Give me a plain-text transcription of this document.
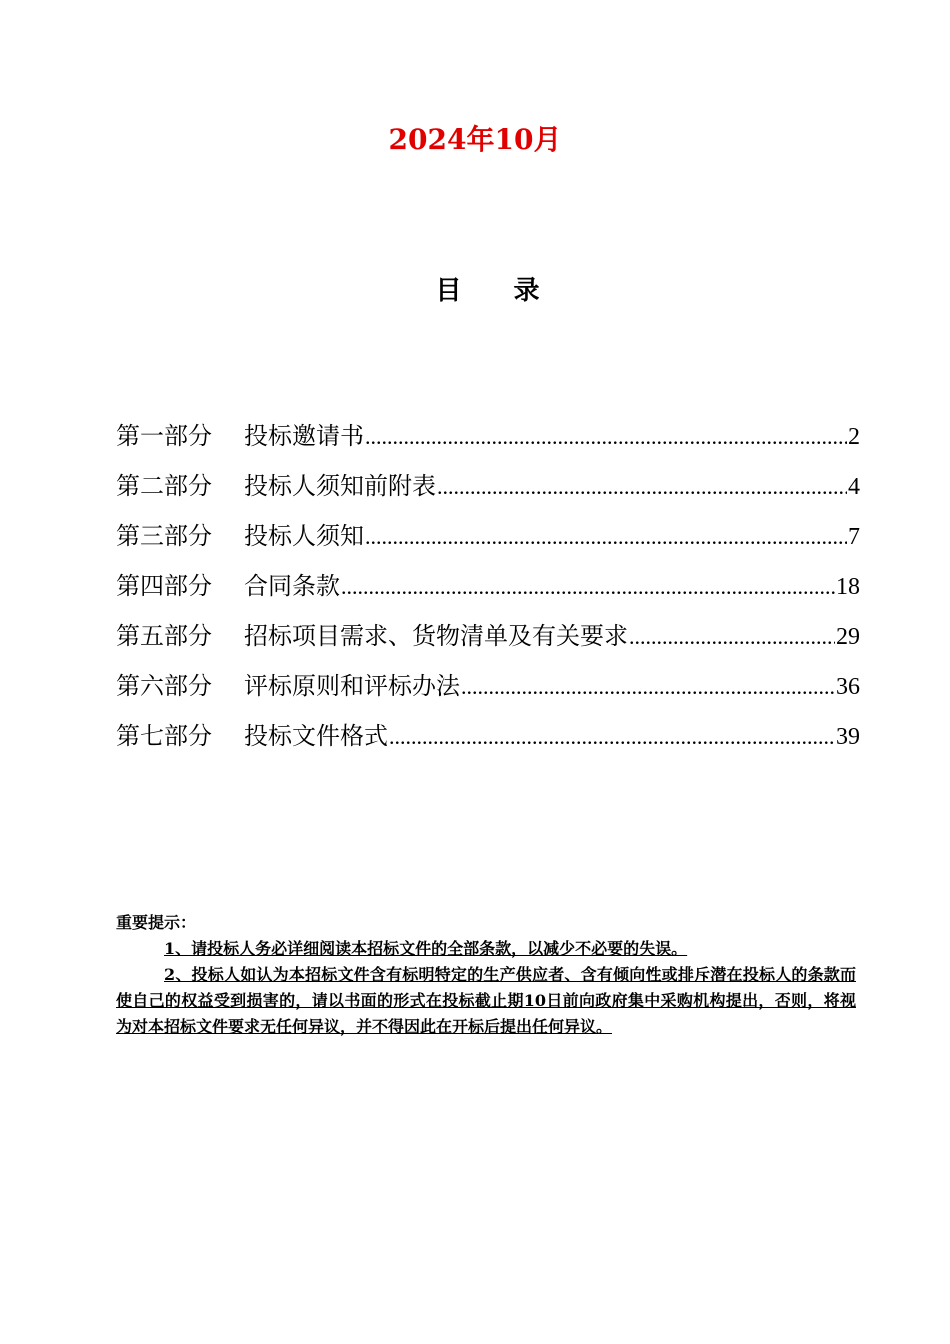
2024年10月
目 录
第一部分	投标邀请书 .....	2
第二部分	投标人须知前附表 .....	4
第三部分	投标人须知 .....	7
第四部分	合同条款 .....	18
第五部分	招标项目需求、货物清单及有关要求 .....	29
第六部分	评标原则和评标办法 .....	36
第七部分	投标文件格式 .....	39

重要提示：

1、请投标人务必详细阅读本招标文件的全部条款，以减少不必要的失误。

2、投标人如认为本招标文件含有标明特定的生产供应者、含有倾向性或排斥潜在投标人的条款而使自己的权益受到损害的，请以书面的形式在投标截止期10日前向政府集中采购机构提出，否则，将视为对本招标文件要求无任何异议，并不得因此在开标后提出任何异议。
